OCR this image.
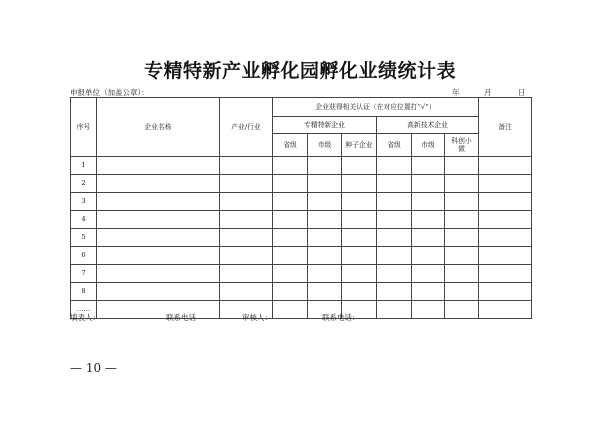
专精特新产业孵化园孵化业绩统计表
申报单位（加盖公章）：	年	月	日
序号	企业名称	产业/行业	企业获得相关认证（在对应位置打“√”）						备注
			专精特新企业			高新技术企业			
			省级	市级	种子企业	省级	市级	科创小
微	
1									
2									
3									
4									
5									
6									
7									
8									
……									
填表人：	联系电话	审核人：	联系电话：
— 10 —
